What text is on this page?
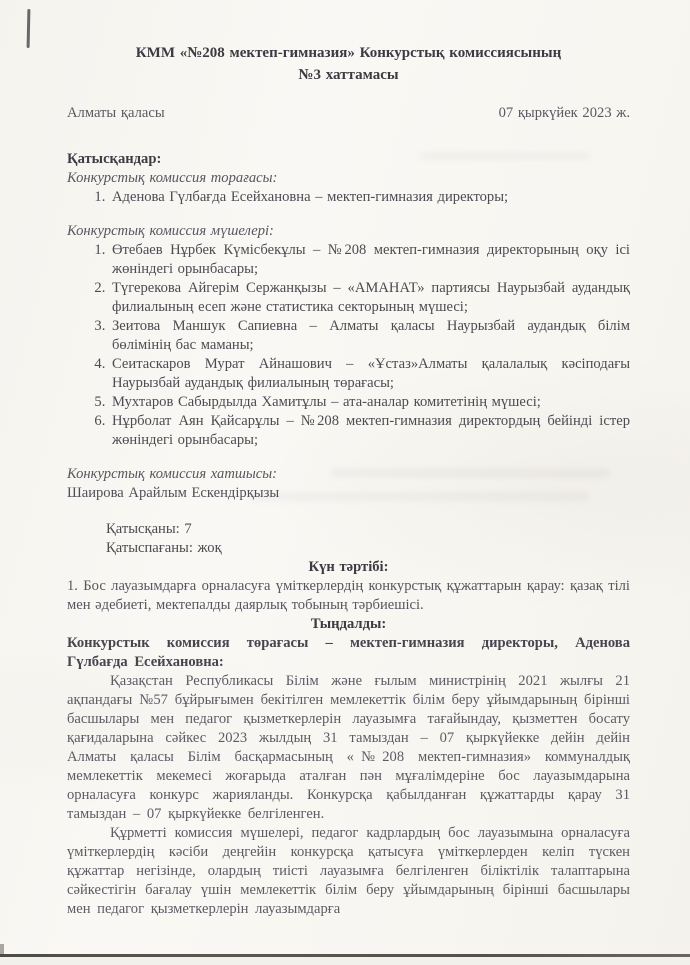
КММ «№208 мектеп-гимназия» Конкурстық комиссиясының
№3 хаттамасы
Алматы қаласы	07 қыркүйек 2023 ж.
Қатысқандар:
Конкурстық комиссия торағасы:
1. Аденова Гүлбағда Есейхановна – мектеп-гимназия директоры;
Конкурстық комиссия мүшелері:
1. Өтебаев Нұрбек Күмісбекұлы – №208 мектеп-гимназия директорының оқу ісі жөніндегі орынбасары;
2. Түгерекова Айгерім Сержанқызы – «АМАНАТ» партиясы Наурызбай аудандық филиалының есеп және статистика секторының мүшесі;
3. Зеитова Маншук Сапиевна – Алматы қаласы Наурызбай аудандық білім бөлімінің бас маманы;
4. Сеитаскаров Мурат Айнашович – «Ұстаз»Алматы қалалалық кәсіподағы Наурызбай аудандық филиалының төрағасы;
5. Мухтаров Сабырдылда Хамитұлы – ата-аналар комитетінің мүшесі;
6. Нұрболат Аян Қайсарұлы – №208 мектеп-гимназия директордың бейінді істер жөніндегі орынбасары;
Конкурстық комиссия хатшысы:
Шаирова Арайлым Ескендірқызы
Қатысқаны: 7
Қатыспағаны: жоқ
Күн тәртібі:
1. Бос лауазымдарға орналасуға үміткерлердің конкурстық құжаттарын қарау: қазақ тілі мен әдебиеті, мектепалды даярлық тобының тәрбиешісі.
Тыңдалды:
Конкурстык комиссия төрағасы – мектеп-гимназия директоры, Аденова Гүлбағда Есейхановна:
Қазақстан Республикасы Білім және ғылым министрінің 2021 жылғы 21 ақпандағы №57 бұйрығымен бекітілген мемлекеттік білім беру ұйымдарының бірінші басшылары мен педагог қызметкерлерін лауазымға тағайындау, қызметтен босату қағидаларына сәйкес 2023 жылдың 31 тамыздан – 07 қыркүйекке дейін дейін Алматы қаласы Білім басқармасының «№208 мектеп-гимназия» коммуналдық мемлекеттік мекемесі жоғарыда аталған пән мұғалімдеріне бос лауазымдарына орналасуға конкурс жарияланды. Конкурсқа қабылданған құжаттарды қарау 31 тамыздан – 07 қыркүйекке белгіленген.
Құрметті комиссия мүшелері, педагог кадрлардың бос лауазымына орналасуға үміткерлердің кәсіби деңгейін конкурсқа қатысуға үміткерлерден келіп түскен құжаттар негізінде, олардың тиісті лауазымға белгіленген біліктілік талаптарына сәйкестігін бағалау үшін мемлекеттік білім беру ұйымдарының бірінші басшылары мен педагог қызметкерлерін лауазымдарға
